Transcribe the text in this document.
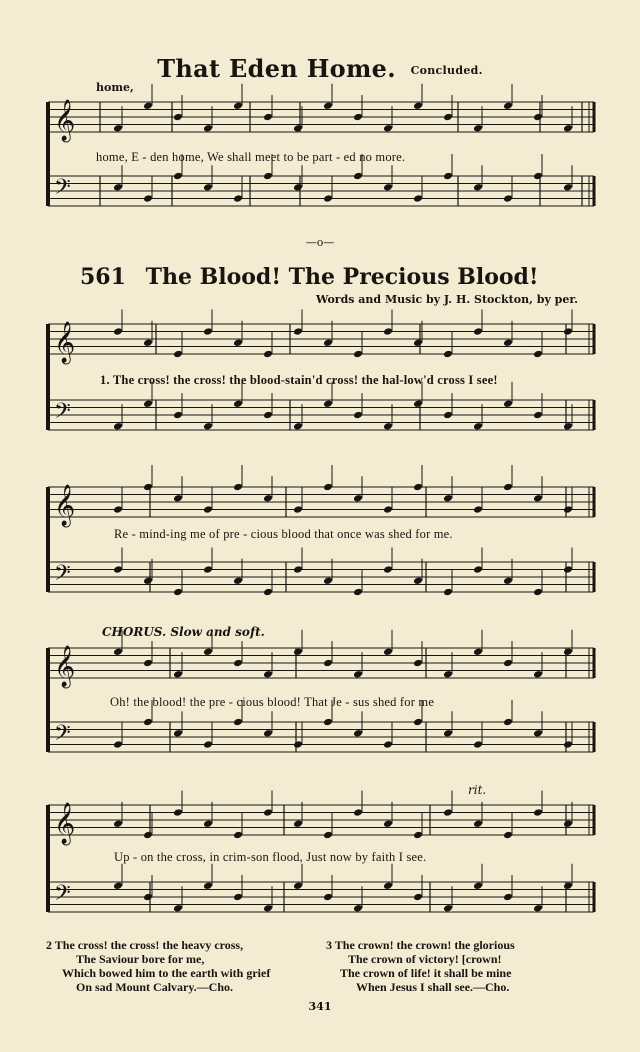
That Eden Home. Concluded.
home,
home, E - den home, We shall meet to be part - ed no more.
—o—
561 The Blood! The Precious Blood!
Words and Music by J. H. Stockton, by per.
1. The cross! the cross! the blood-stain'd cross! the hal-low'd cross I see!
Re - mind-ing me of pre - cious blood that once was shed for me.
CHORUS. Slow and soft.
Oh! the blood! the pre - cious blood! That Je - sus shed for me
rit.
Up - on the cross, in crim-son flood, Just now by faith I see.
2 The cross! the cross! the heavy cross,
The Saviour bore for me,
Which bowed him to the earth with grief
On sad Mount Calvary.—Cho.
3 The crown! the crown! the glorious
The crown of victory! [crown!
The crown of life! it shall be mine
When Jesus I shall see.—Cho.
341
𝄞
𝄢
𝄞
𝄢
𝄞
𝄢
𝄞
𝄢
𝄞
𝄢
